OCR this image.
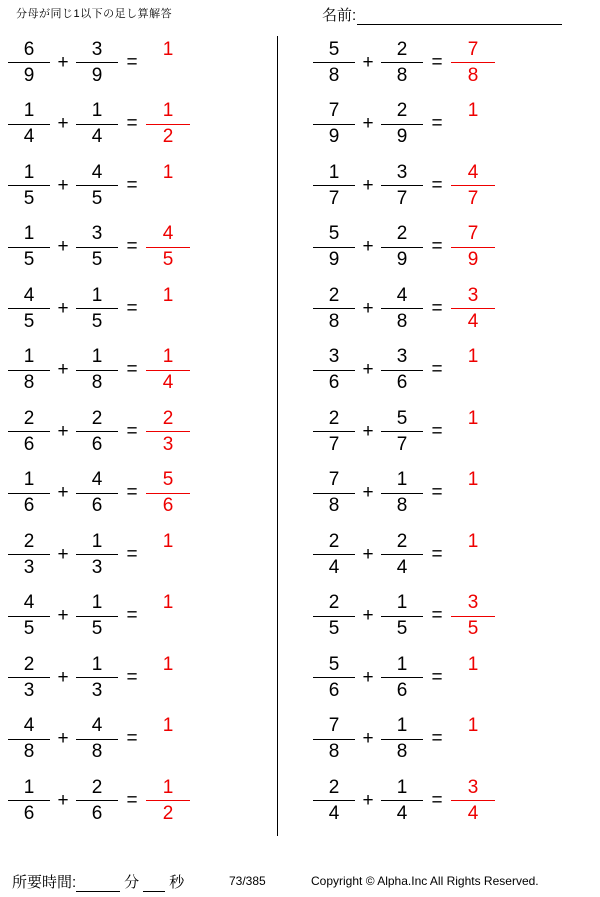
分母が同じ1以下の足し算解答	名前:
$\frac{6}{9} + \frac{3}{9}$ =
1
$\frac{1}{4} + \frac{1}{4} = \frac{1}{2}$
$\frac{1}{5} + \frac{4}{5}$ =
1
$\frac{1}{5} + \frac{3}{5} = \frac{4}{5}$
$\frac{4}{5} + \frac{1}{5}$ =
1
$\frac{1}{8} + \frac{1}{8} = \frac{1}{4}$
$\frac{2}{6} + \frac{2}{6} = \frac{2}{3}$
$\frac{1}{6} + \frac{4}{6} = \frac{5}{6}$
$\frac{2}{3} + \frac{1}{3}$ =
1
$\frac{4}{5} + \frac{1}{5}$ =
1
$\frac{2}{3} + \frac{1}{3}$ =
1
$\frac{4}{8} + \frac{4}{8}$ =
1
$\frac{1}{6} + \frac{2}{6} = \frac{1}{2}$
$\frac{5}{8} + \frac{2}{8} = \frac{7}{8}$
$\frac{7}{9} + \frac{2}{9}$ =
1
$\frac{1}{7} + \frac{3}{7} = \frac{4}{7}$
$\frac{5}{9} + \frac{2}{9} = \frac{7}{9}$
$\frac{2}{8} + \frac{4}{8} = \frac{3}{4}$
$\frac{3}{6} + \frac{3}{6}$ =
1
$\frac{2}{7} + \frac{5}{7}$ =
1
$\frac{7}{8} + \frac{1}{8}$ =
1
$\frac{2}{4} + \frac{2}{4}$ =
1
$\frac{2}{5} + \frac{1}{5} = \frac{3}{5}$
$\frac{5}{6} + \frac{1}{6}$ =
1
$\frac{7}{8} + \frac{1}{8}$ =
1
$\frac{2}{4} + \frac{1}{4} = \frac{3}{4}$
所要時間:	分 秒	73/385	Copyright © Alpha.Inc All Rights Reserved.
